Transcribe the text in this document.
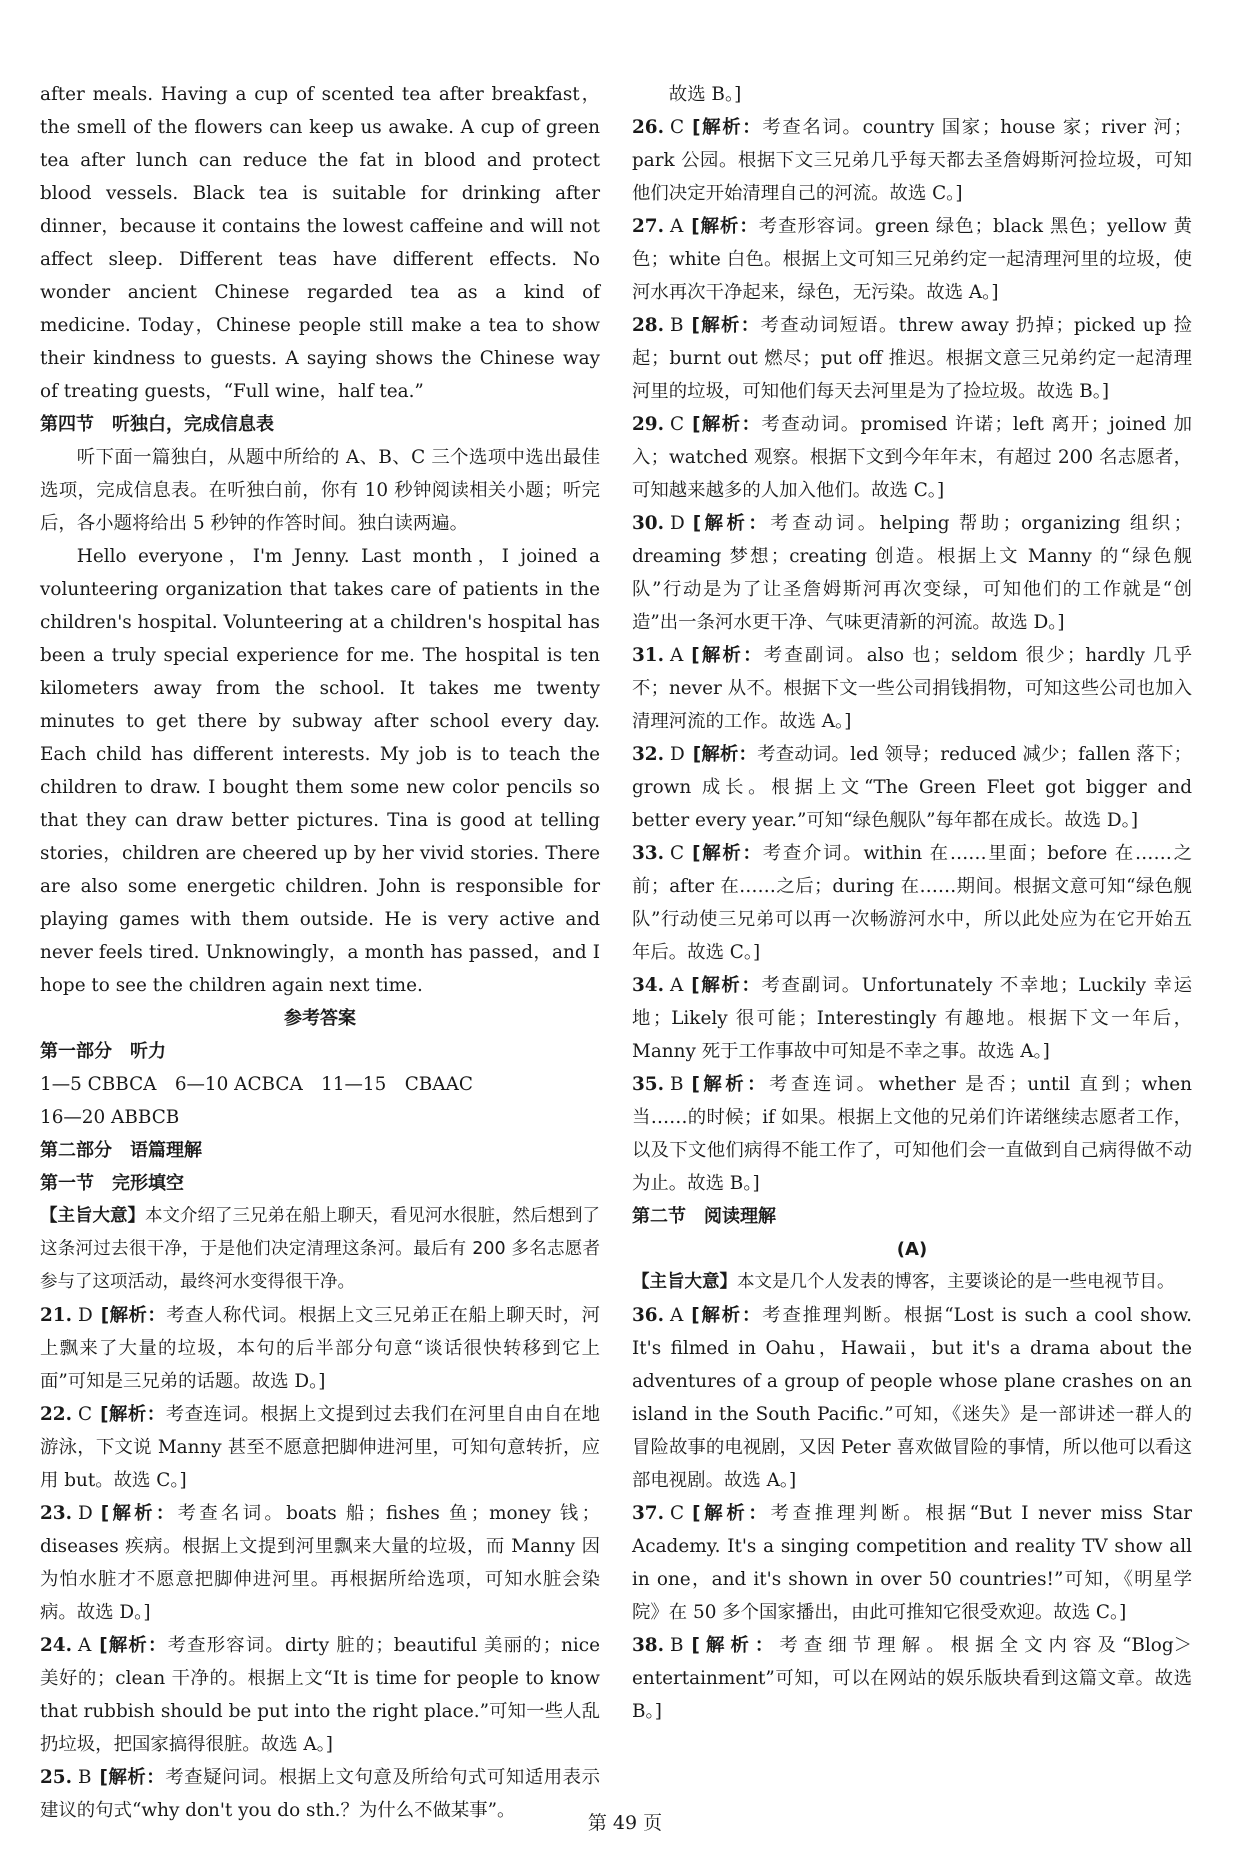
after meals. Having a cup of scented tea after breakfast，the smell of the flowers can keep us awake. A cup of green tea after lunch can reduce the fat in blood and protect blood vessels. Black tea is suitable for drinking after dinner，because it contains the lowest caffeine and will not affect sleep. Different teas have different effects. No wonder ancient Chinese regarded tea as a kind of medicine. Today，Chinese people still make a tea to show their kindness to guests. A saying shows the Chinese way of treating guests，“Full wine，half tea.”

第四节　听独白，完成信息表

听下面一篇独白，从题中所给的 A、B、C 三个选项中选出最佳选项，完成信息表。在听独白前，你有 10 秒钟阅读相关小题；听完后，各小题将给出 5 秒钟的作答时间。独白读两遍。

Hello everyone，I'm Jenny. Last month，I joined a volunteering organization that takes care of patients in the children's hospital. Volunteering at a children's hospital has been a truly special experience for me. The hospital is ten kilometers away from the school. It takes me twenty minutes to get there by subway after school every day. Each child has different interests. My job is to teach the children to draw. I bought them some new color pencils so that they can draw better pictures. Tina is good at telling stories，children are cheered up by her vivid stories. There are also some energetic children. John is responsible for playing games with them outside. He is very active and never feels tired. Unknowingly，a month has passed，and I hope to see the children again next time.

参考答案

第一部分　听力

1—5 CBBCA　6—10 ACBCA　11—15　CBAAC

16—20 ABBCB

第二部分　语篇理解

第一节　完形填空

【主旨大意】本文介绍了三兄弟在船上聊天，看见河水很脏，然后想到了这条河过去很干净，于是他们决定清理这条河。最后有 200 多名志愿者参与了这项活动，最终河水变得很干净。

21. D [解析：考查人称代词。根据上文三兄弟正在船上聊天时，河上飘来了大量的垃圾，本句的后半部分句意“谈话很快转移到它上面”可知是三兄弟的话题。故选 D。]
22. C [解析：考查连词。根据上文提到过去我们在河里自由自在地游泳，下文说 Manny 甚至不愿意把脚伸进河里，可知句意转折，应用 but。故选 C。]
23. D [解析：考查名词。boats 船；fishes 鱼；money 钱；diseases 疾病。根据上文提到河里飘来大量的垃圾，而 Manny 因为怕水脏才不愿意把脚伸进河里。再根据所给选项，可知水脏会染病。故选 D。]
24. A [解析：考查形容词。dirty 脏的；beautiful 美丽的；nice 美好的；clean 干净的。根据上文“It is time for people to know that rubbish should be put into the right place.”可知一些人乱扔垃圾，把国家搞得很脏。故选 A。]
25. B [解析：考查疑问词。根据上文句意及所给句式可知适用表示建议的句式“why don't you do sth.？为什么不做某事”。

故选 B。]

26. C [解析：考查名词。country 国家；house 家；river 河；park 公园。根据下文三兄弟几乎每天都去圣詹姆斯河捡垃圾，可知他们决定开始清理自己的河流。故选 C。]
27. A [解析：考查形容词。green 绿色；black 黑色；yellow 黄色；white 白色。根据上文可知三兄弟约定一起清理河里的垃圾，使河水再次干净起来，绿色，无污染。故选 A。]
28. B [解析：考查动词短语。threw away 扔掉；picked up 捡起；burnt out 燃尽；put off 推迟。根据文意三兄弟约定一起清理河里的垃圾，可知他们每天去河里是为了捡垃圾。故选 B。]
29. C [解析：考查动词。promised 许诺；left 离开；joined 加入；watched 观察。根据下文到今年年末，有超过 200 名志愿者，可知越来越多的人加入他们。故选 C。]
30. D [解析：考查动词。helping 帮助；organizing 组织；dreaming 梦想；creating 创造。根据上文 Manny 的“绿色舰队”行动是为了让圣詹姆斯河再次变绿，可知他们的工作就是“创造”出一条河水更干净、气味更清新的河流。故选 D。]
31. A [解析：考查副词。also 也；seldom 很少；hardly 几乎不；never 从不。根据下文一些公司捐钱捐物，可知这些公司也加入清理河流的工作。故选 A。]
32. D [解析：考查动词。led 领导；reduced 减少；fallen 落下；grown 成长。根据上文“The Green Fleet got bigger and better every year.”可知“绿色舰队”每年都在成长。故选 D。]
33. C [解析：考查介词。within 在……里面；before 在……之前；after 在……之后；during 在……期间。根据文意可知“绿色舰队”行动使三兄弟可以再一次畅游河水中，所以此处应为在它开始五年后。故选 C。]
34. A [解析：考查副词。Unfortunately 不幸地；Luckily 幸运地；Likely 很可能；Interestingly 有趣地。根据下文一年后，Manny 死于工作事故中可知是不幸之事。故选 A。]
35. B [解析：考查连词。whether 是否；until 直到；when 当……的时候；if 如果。根据上文他的兄弟们许诺继续志愿者工作，以及下文他们病得不能工作了，可知他们会一直做到自己病得做不动为止。故选 B。]

第二节　阅读理解

(A)

【主旨大意】本文是几个人发表的博客，主要谈论的是一些电视节目。

36. A [解析：考查推理判断。根据“Lost is such a cool show. It's filmed in Oahu，Hawaii，but it's a drama about the adventures of a group of people whose plane crashes on an island in the South Pacific.”可知，《迷失》是一部讲述一群人的冒险故事的电视剧，又因 Peter 喜欢做冒险的事情，所以他可以看这部电视剧。故选 A。]
37. C [解析：考查推理判断。根据“But I never miss Star Academy. It's a singing competition and reality TV show all in one，and it's shown in over 50 countries!”可知，《明星学院》在 50 多个国家播出，由此可推知它很受欢迎。故选 C。]
38. B [解析：考查细节理解。根据全文内容及“Blog＞entertainment”可知，可以在网站的娱乐版块看到这篇文章。故选 B。]
第 49 页
